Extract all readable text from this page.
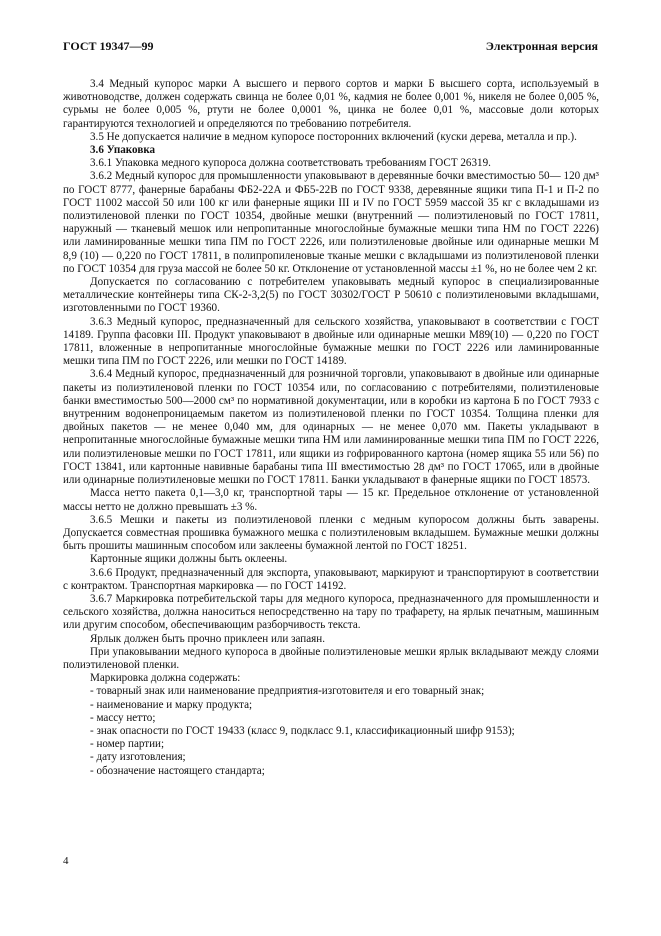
ГОСТ 19347—99	Электронная версия

3.4 Медный купорос марки А высшего и первого сортов и марки Б высшего сорта, используемый в животноводстве, должен содержать свинца не более 0,01 %, кадмия не более 0,001 %, никеля не более 0,005 %, сурьмы не более 0,005 %, ртути не более 0,0001 %, цинка не более 0,01 %, массовые доли которых гарантируются технологией и определяются по требованию потребителя.

3.5 Не допускается наличие в медном купоросе посторонних включений (куски дерева, металла и пр.).

3.6 Упаковка

3.6.1 Упаковка медного купороса должна соответствовать требованиям ГОСТ 26319.

3.6.2 Медный купорос для промышленности упаковывают в деревянные бочки вместимостью 50— 120 дм³ по ГОСТ 8777, фанерные барабаны ФБ2-22А и ФБ5-22В по ГОСТ 9338, деревянные ящики типа П-1 и П-2 по ГОСТ 11002 массой 50 или 100 кг или фанерные ящики III и IV по ГОСТ 5959 массой 35 кг с вкладышами из полиэтиленовой пленки по ГОСТ 10354, двойные мешки (внутренний — полиэтиленовый по ГОСТ 17811, наружный — тканевый мешок или непропитанные многослойные бумажные мешки типа НМ по ГОСТ 2226) или ламинированные мешки типа ПМ по ГОСТ 2226, или полиэтиленовые двойные или одинарные мешки М 8,9 (10) — 0,220 по ГОСТ 17811, в полипропиленовые тканые мешки с вкладышами из полиэтиленовой пленки по ГОСТ 10354 для груза массой не более 50 кг. Отклонение от установленной массы ±1 %, но не более чем 2 кг.

Допускается по согласованию с потребителем упаковывать медный купорос в специализированные металлические контейнеры типа СК-2-3,2(5) по ГОСТ 30302/ГОСТ Р 50610 с полиэтиленовыми вкладышами, изготовленными по ГОСТ 19360.

3.6.3 Медный купорос, предназначенный для сельского хозяйства, упаковывают в соответствии с ГОСТ 14189. Группа фасовки III. Продукт упаковывают в двойные или одинарные мешки М89(10) — 0,220 по ГОСТ 17811, вложенные в непропитанные многослойные бумажные мешки по ГОСТ 2226 или ламинированные мешки типа ПМ по ГОСТ 2226, или мешки по ГОСТ 14189.

3.6.4 Медный купорос, предназначенный для розничной торговли, упаковывают в двойные или одинарные пакеты из полиэтиленовой пленки по ГОСТ 10354 или, по согласованию с потребителями, полиэтиленовые банки вместимостью 500—2000 см³ по нормативной документации, или в коробки из картона Б по ГОСТ 7933 с внутренним водонепроницаемым пакетом из полиэтиленовой пленки по ГОСТ 10354. Толщина пленки для двойных пакетов — не менее 0,040 мм, для одинарных — не менее 0,070 мм. Пакеты укладывают в непропитанные многослойные бумажные мешки типа НМ или ламинированные мешки типа ПМ по ГОСТ 2226, или полиэтиленовые мешки по ГОСТ 17811, или ящики из гофрированного картона (номер ящика 55 или 56) по ГОСТ 13841, или картонные навивные барабаны типа III вместимостью 28 дм³ по ГОСТ 17065, или в двойные или одинарные полиэтиленовые мешки по ГОСТ 17811. Банки укладывают в фанерные ящики по ГОСТ 18573.

Масса нетто пакета 0,1—3,0 кг, транспортной тары — 15 кг. Предельное отклонение от установленной массы нетто не должно превышать ±3 %.

3.6.5 Мешки и пакеты из полиэтиленовой пленки с медным купоросом должны быть заварены. Допускается совместная прошивка бумажного мешка с полиэтиленовым вкладышем. Бумажные мешки должны быть прошиты машинным способом или заклеены бумажной лентой по ГОСТ 18251.

Картонные ящики должны быть оклеены.

3.6.6 Продукт, предназначенный для экспорта, упаковывают, маркируют и транспортируют в соответствии с контрактом. Транспортная маркировка — по ГОСТ 14192.

3.6.7 Маркировка потребительской тары для медного купороса, предназначенного для промышленности и сельского хозяйства, должна наноситься непосредственно на тару по трафарету, на ярлык печатным, машинным или другим способом, обеспечивающим разборчивость текста.

Ярлык должен быть прочно приклеен или запаян.

При упаковывании медного купороса в двойные полиэтиленовые мешки ярлык вкладывают между слоями полиэтиленовой пленки.

Маркировка должна содержать:

- товарный знак или наименование предприятия-изготовителя и его товарный знак;

- наименование и марку продукта;

- массу нетто;

- знак опасности по ГОСТ 19433 (класс 9, подкласс 9.1, классификационный шифр 9153);

- номер партии;

- дату изготовления;

- обозначение настоящего стандарта;

4
